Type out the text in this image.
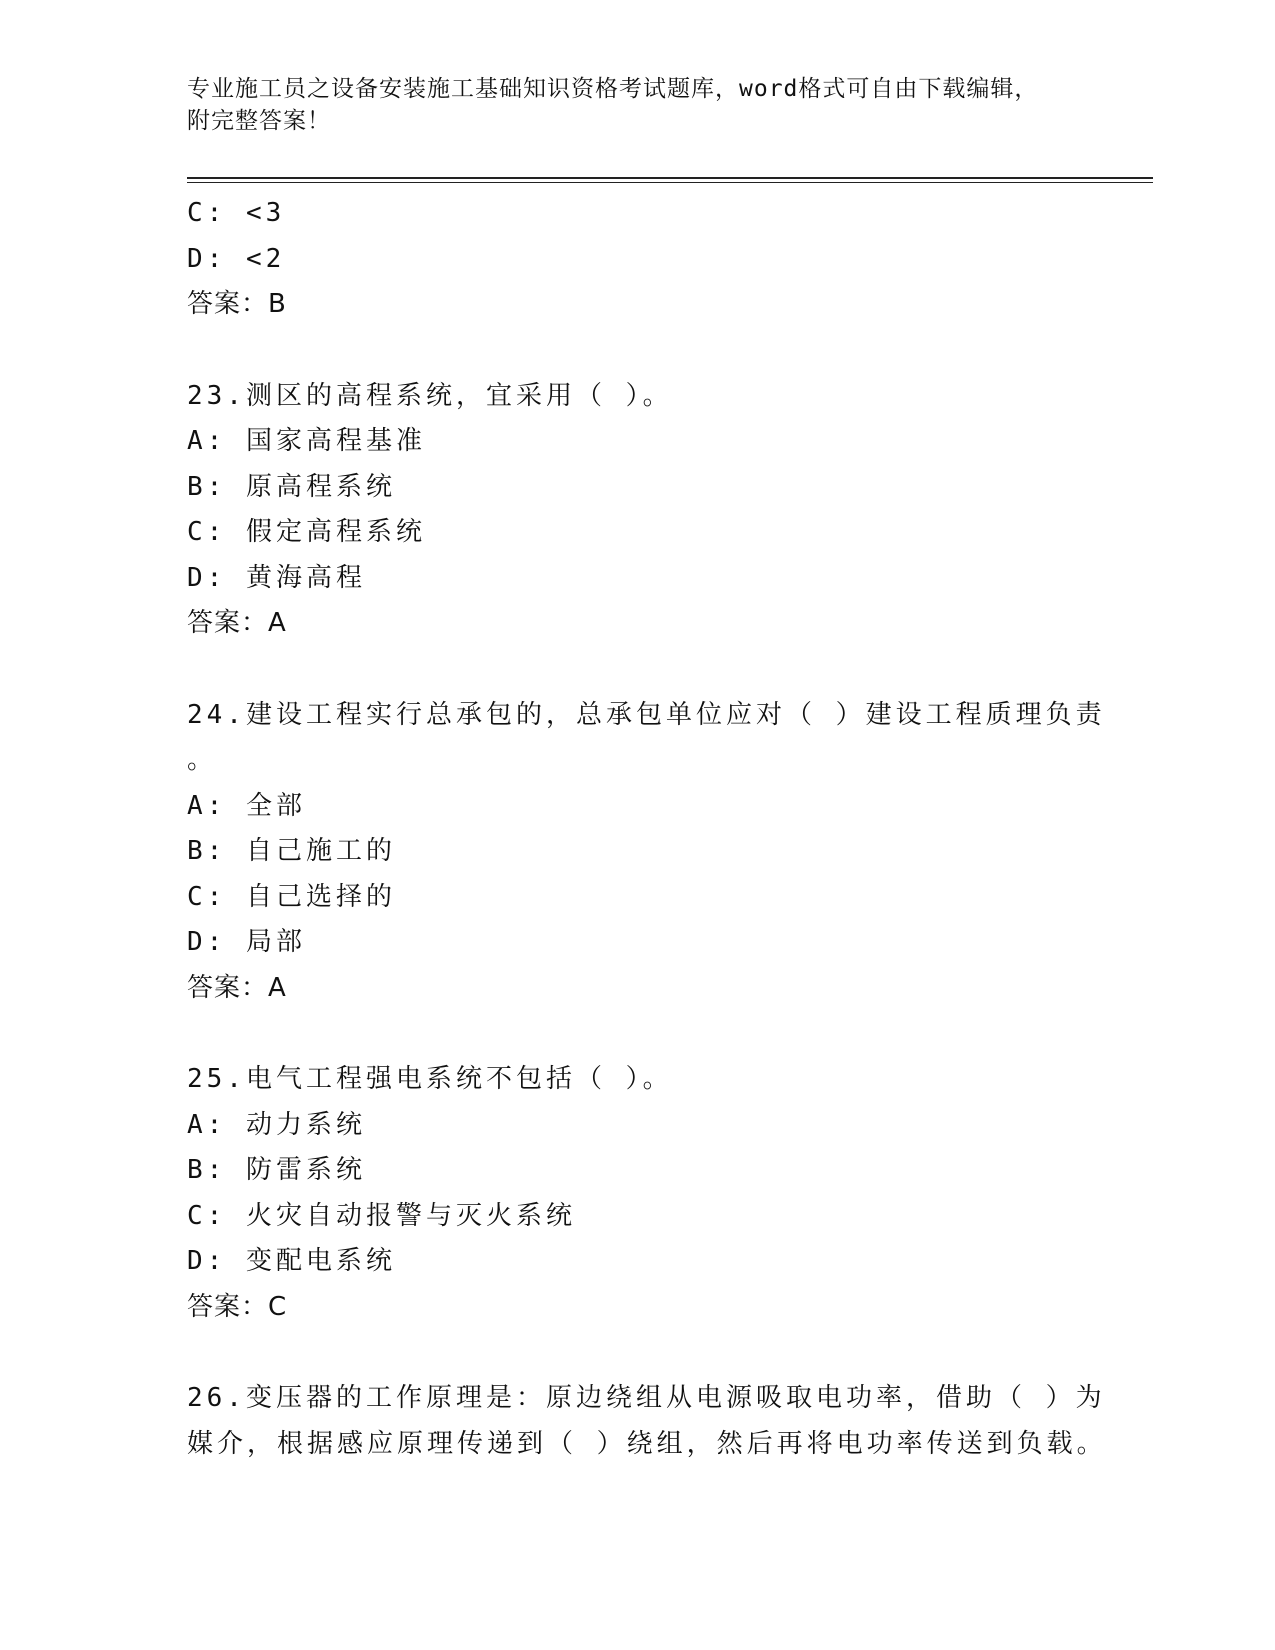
专业施工员之设备安装施工基础知识资格考试题库，word格式可自由下载编辑，
附完整答案！
C: <3
D: <2
答案：B
23.测区的高程系统，宜采用（ ）。
A: 国家高程基准
B: 原高程系统
C: 假定高程系统
D: 黄海高程
答案：A
24.建设工程实行总承包的，总承包单位应对（ ）建设工程质理负责
。
A: 全部
B: 自己施工的
C: 自己选择的
D: 局部
答案：A
25.电气工程强电系统不包括（ ）。
A: 动力系统
B: 防雷系统
C: 火灾自动报警与灭火系统
D: 变配电系统
答案：C
26.变压器的工作原理是：原边绕组从电源吸取电功率，借助（ ）为
媒介，根据感应原理传递到（ ）绕组，然后再将电功率传送到负载。
